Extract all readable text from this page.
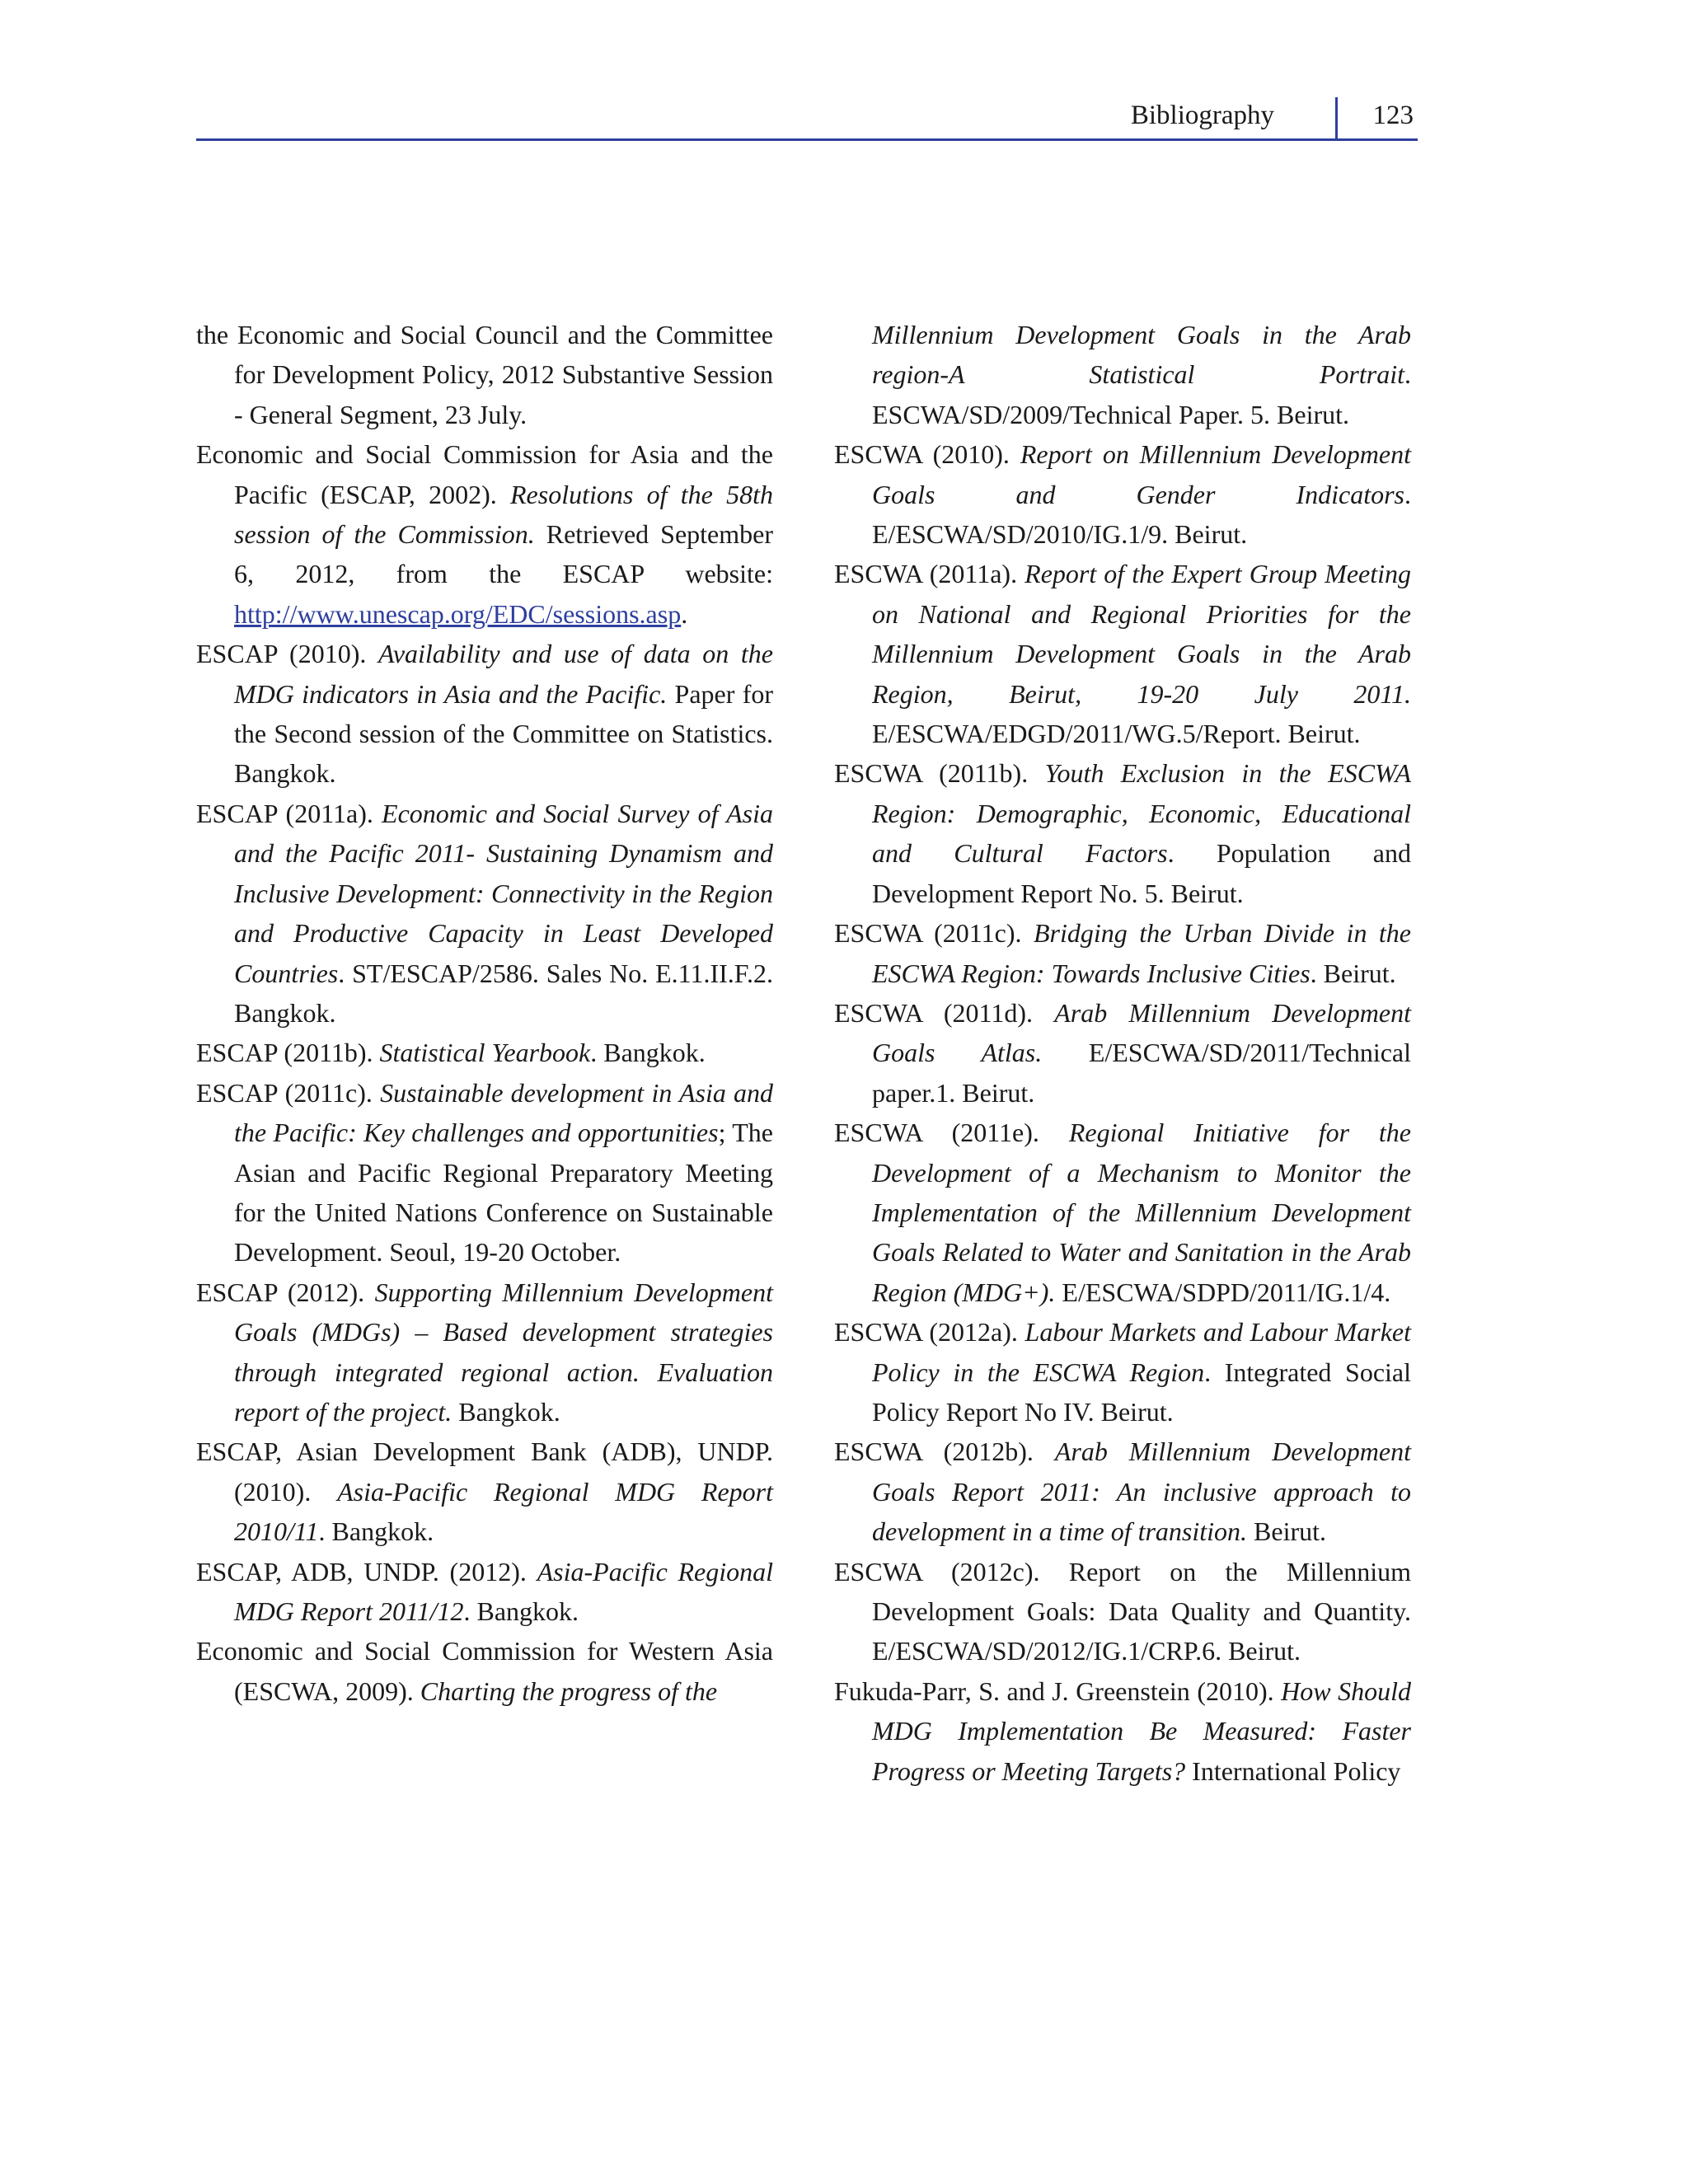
Bibliography	123

the Economic and Social Council and the Committee for Development Policy, 2012 Substantive Session - General Segment, 23 July.

Economic and Social Commission for Asia and the Pacific (ESCAP, 2002). Resolutions of the 58th session of the Commission. Retrieved September 6, 2012, from the ESCAP website: http://www.unescap.org/EDC/sessions.asp.

ESCAP (2010). Availability and use of data on the MDG indicators in Asia and the Pacific. Paper for the Second session of the Committee on Statistics. Bangkok.

ESCAP (2011a). Economic and Social Survey of Asia and the Pacific 2011- Sustaining Dynamism and Inclusive Development: Connectivity in the Region and Productive Capacity in Least Developed Countries. ST/ESCAP/2586. Sales No. E.11.II.F.2. Bangkok.

ESCAP (2011b). Statistical Yearbook. Bangkok.

ESCAP (2011c). Sustainable development in Asia and the Pacific: Key challenges and opportunities; The Asian and Pacific Regional Preparatory Meeting for the United Nations Conference on Sustainable Development. Seoul, 19-20 October.

ESCAP (2012). Supporting Millennium Development Goals (MDGs) – Based development strategies through integrated regional action. Evaluation report of the project. Bangkok.

ESCAP, Asian Development Bank (ADB), UNDP. (2010). Asia-Pacific Regional MDG Report 2010/11. Bangkok.

ESCAP, ADB, UNDP. (2012). Asia-Pacific Regional MDG Report 2011/12. Bangkok.

Economic and Social Commission for Western Asia (ESCWA, 2009). Charting the progress of the

Millennium Development Goals in the Arab region-A Statistical Portrait. ESCWA/SD/2009/Technical Paper. 5. Beirut.

ESCWA (2010). Report on Millennium Development Goals and Gender Indicators. E/ESCWA/SD/2010/IG.1/9. Beirut.

ESCWA (2011a). Report of the Expert Group Meeting on National and Regional Priorities for the Millennium Development Goals in the Arab Region, Beirut, 19-20 July 2011. E/ESCWA/EDGD/2011/WG.5/Report. Beirut.

ESCWA (2011b). Youth Exclusion in the ESCWA Region: Demographic, Economic, Educational and Cultural Factors. Population and Development Report No. 5. Beirut.

ESCWA (2011c). Bridging the Urban Divide in the ESCWA Region: Towards Inclusive Cities. Beirut.

ESCWA (2011d). Arab Millennium Development Goals Atlas. E/ESCWA/SD/2011/Technical paper.1. Beirut.

ESCWA (2011e). Regional Initiative for the Development of a Mechanism to Monitor the Implementation of the Millennium Development Goals Related to Water and Sanitation in the Arab Region (MDG+). E/ESCWA/SDPD/2011/IG.1/4.

ESCWA (2012a). Labour Markets and Labour Market Policy in the ESCWA Region. Integrated Social Policy Report No IV. Beirut.

ESCWA (2012b). Arab Millennium Development Goals Report 2011: An inclusive approach to development in a time of transition. Beirut.

ESCWA (2012c). Report on the Millennium Development Goals: Data Quality and Quantity. E/ESCWA/SD/2012/IG.1/CRP.6. Beirut.

Fukuda-Parr, S. and J. Greenstein (2010). How Should MDG Implementation Be Measured: Faster Progress or Meeting Targets? International Policy
